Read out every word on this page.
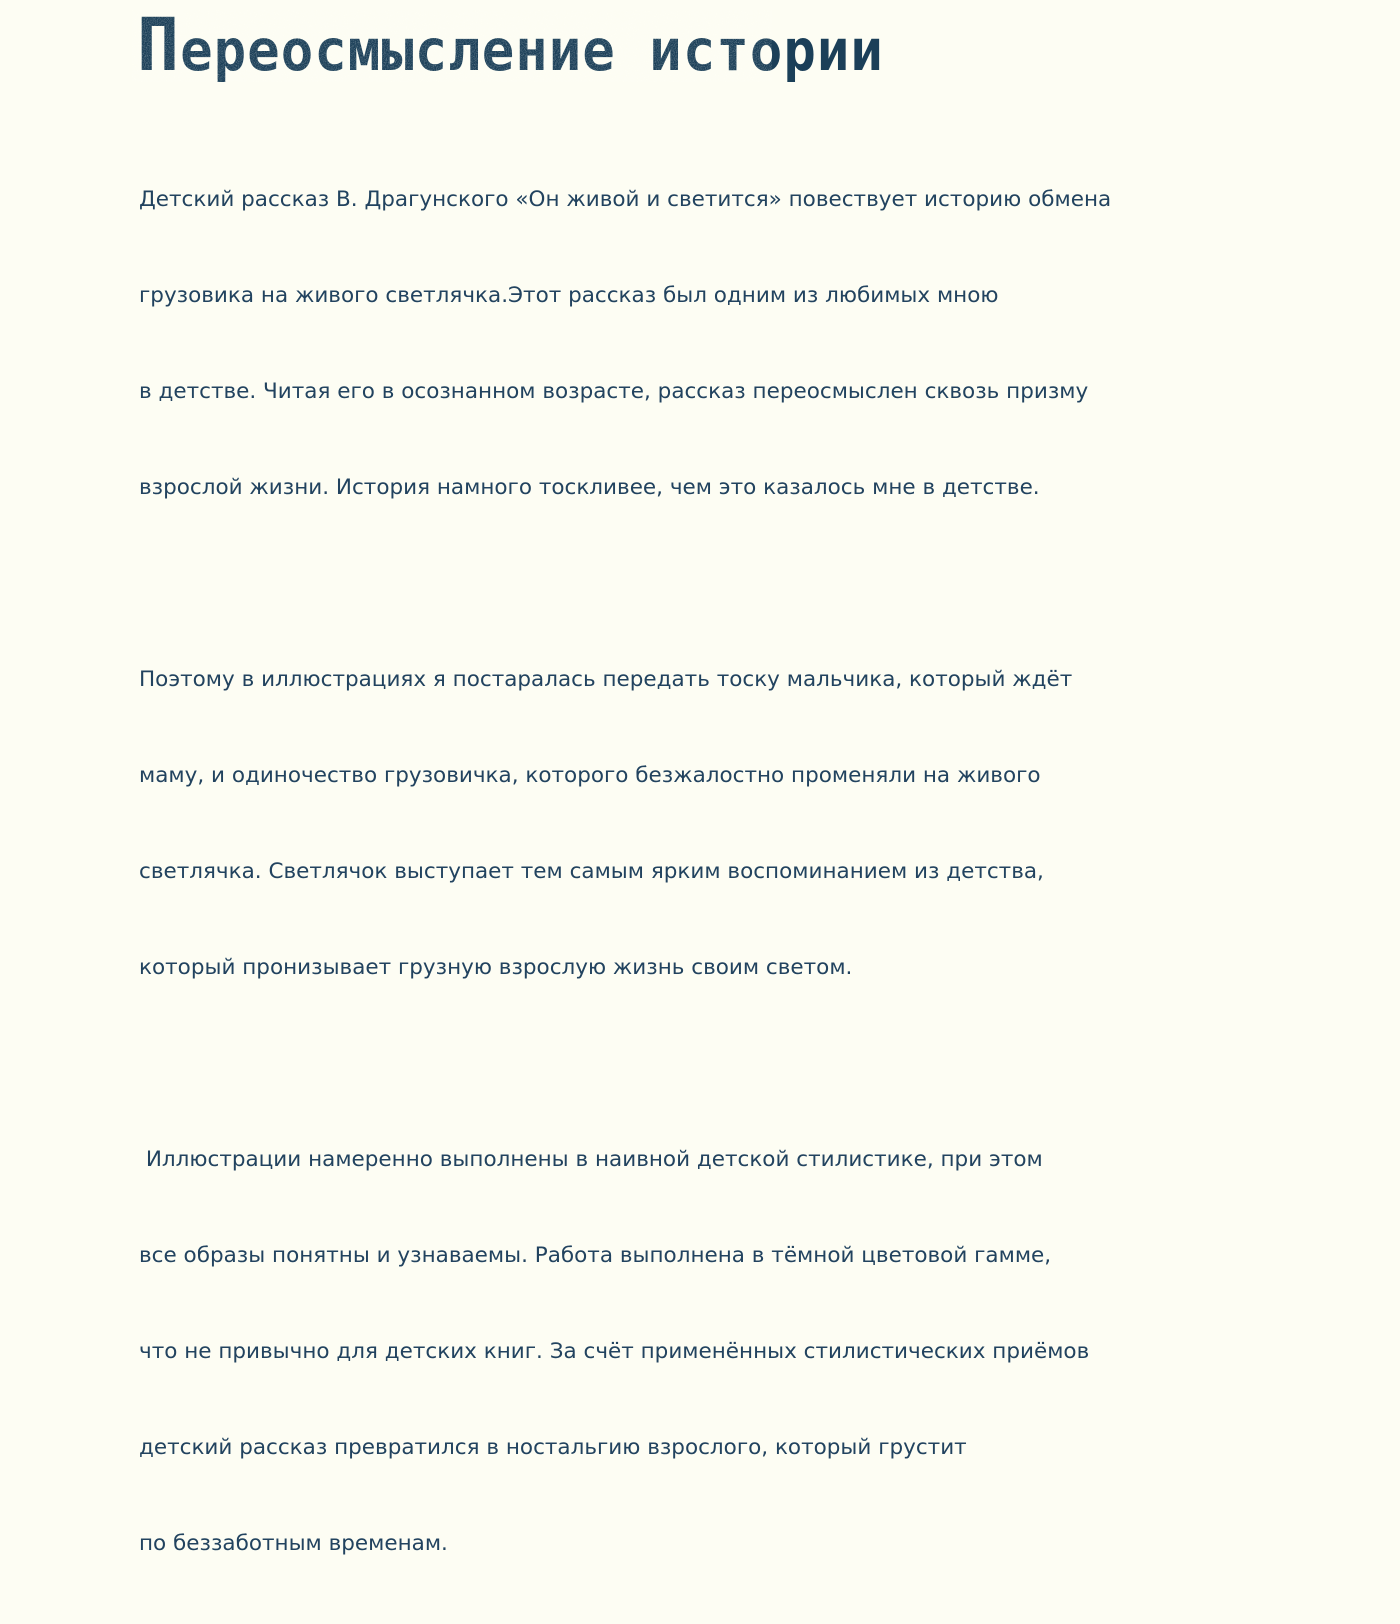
Переосмысление истории

Детский рассказ В. Драгунского «Он живой и светится» повествует историю обмена

грузовика на живого светлячка.Этот рассказ был одним из любимых мною

в детстве. Читая его в осознанном возрасте, рассказ переосмыслен сквозь призму

взрослой жизни. История намного тоскливее, чем это казалось мне в детстве.

Поэтому в иллюстрациях я постаралась передать тоску мальчика, который ждёт

маму, и одиночество грузовичка, которого безжалостно променяли на живого

светлячка. Светлячок выступает тем самым ярким воспоминанием из детства,

который пронизывает грузную взрослую жизнь своим светом.

Иллюстрации намеренно выполнены в наивной детской стилистике, при этом

все образы понятны и узнаваемы. Работа выполнена в тёмной цветовой гамме,

что не привычно для детских книг. За счёт применённых стилистических приёмов

детский рассказ превратился в ностальгию взрослого, который грустит

по беззаботным временам.
